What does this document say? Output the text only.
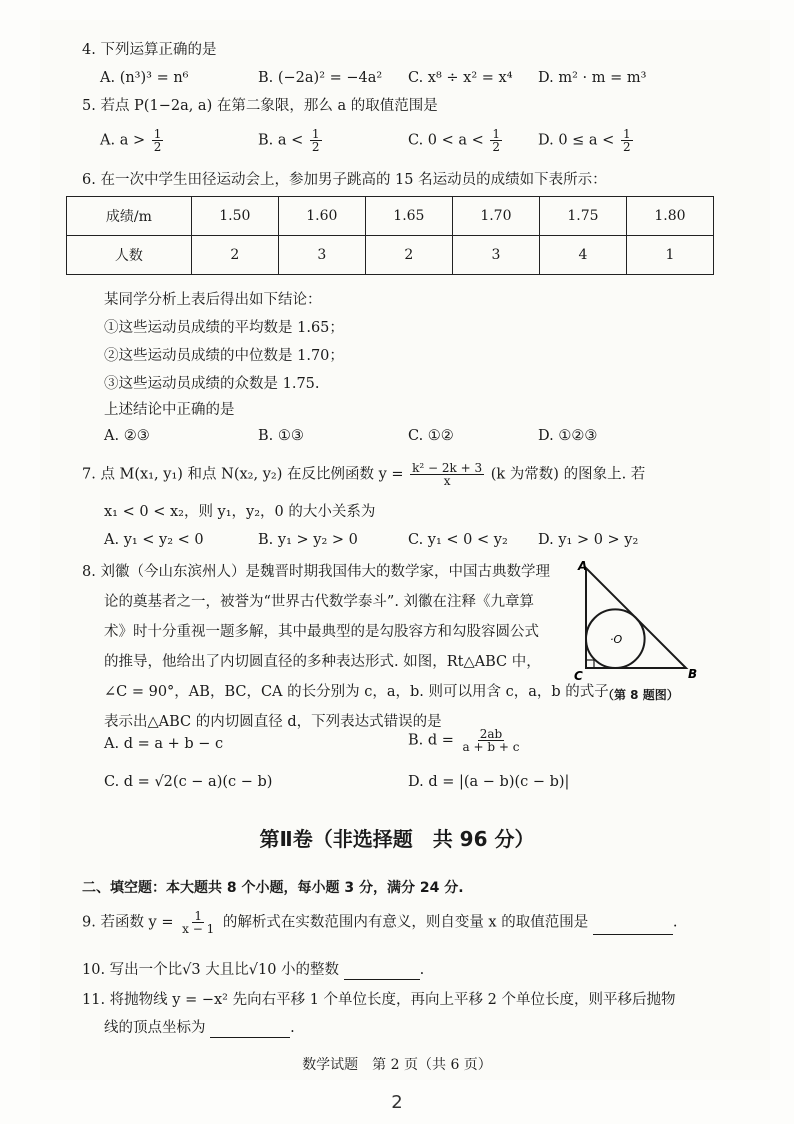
4. 下列运算正确的是
A. (n³)³ = n⁶	B. (−2a)² = −4a² C. x⁸ ÷ x² = x⁴ D. m² · m = m³
5. 若点 P(1−2a, a) 在第二象限，那么 a 的取值范围是
A. $a > \frac{1}{2}$	B. $a < \frac{1}{2}$	C. $0 < a < \frac{1}{2} D$. $0 \le a < \frac{1}{2}$
6. 在一次中学生田径运动会上，参加男子跳高的 15 名运动员的成绩如下表所示：
成绩/m	1.50	1.60	1.65	1.70	1.75	1.80
人数	2	3	2	3	4	1
某同学分析上表后得出如下结论：
①这些运动员成绩的平均数是 1.65；
②这些运动员成绩的中位数是 1.70；
③这些运动员成绩的众数是 1.75.
上述结论中正确的是
A. ②③	B. ①③	C. ①②	D. ①②③
7. 点 M(x₁, y₁) 和点 N(x₂, y₂) 在反比例函数 $y = \frac{\text{k² − 2k + 3}}{x} (k$ 为常数) 的图象上. 若
x₁ < 0 < x₂，则 y₁，y₂，0 的大小关系为
A. y₁ < y₂ < 0	B. y₁ > y₂ > 0	C. y₁ < 0 < y₂ D. y₁ > 0 > y₂
8. 刘徽（今山东滨州人）是魏晋时期我国伟大的数学家，中国古典数学理
论的奠基者之一，被誉为“世界古代数学泰斗”. 刘徽在注释《九章算
术》时十分重视一题多解，其中最典型的是勾股容方和勾股容圆公式
的推导，他给出了内切圆直径的多种表达形式. 如图，Rt△ABC 中，
∠C = 90°，AB，BC，CA 的长分别为 c，a，b. 则可以用含 c，a，b 的式子
表示出△ABC 的内切圆直径 d，下列表达式错误的是
A
B
C
·O
（第 8 题图）
A. d = a + b − c	B. $d = \frac{2ab}{a + b + c}$
C. d = √2(c − a)(c − b)	D. d = |(a − b)(c − b)|
第Ⅱ卷（非选择题　共 96 分）
二、填空题：本大题共 8 个小题，每小题 3 分，满分 24 分.
9. 若函数 $y = \frac{1}{x - 1}$ 的解析式在实数范围内有意义，则自变量 x 的取值范围是	.
10. 写出一个比√3 大且比√10 小的整数	.
11. 将抛物线 y = −x² 先向右平移 1 个单位长度，再向上平移 2 个单位长度，则平移后抛物
线的顶点坐标为	.
数学试题　第 2 页（共 6 页）
2
